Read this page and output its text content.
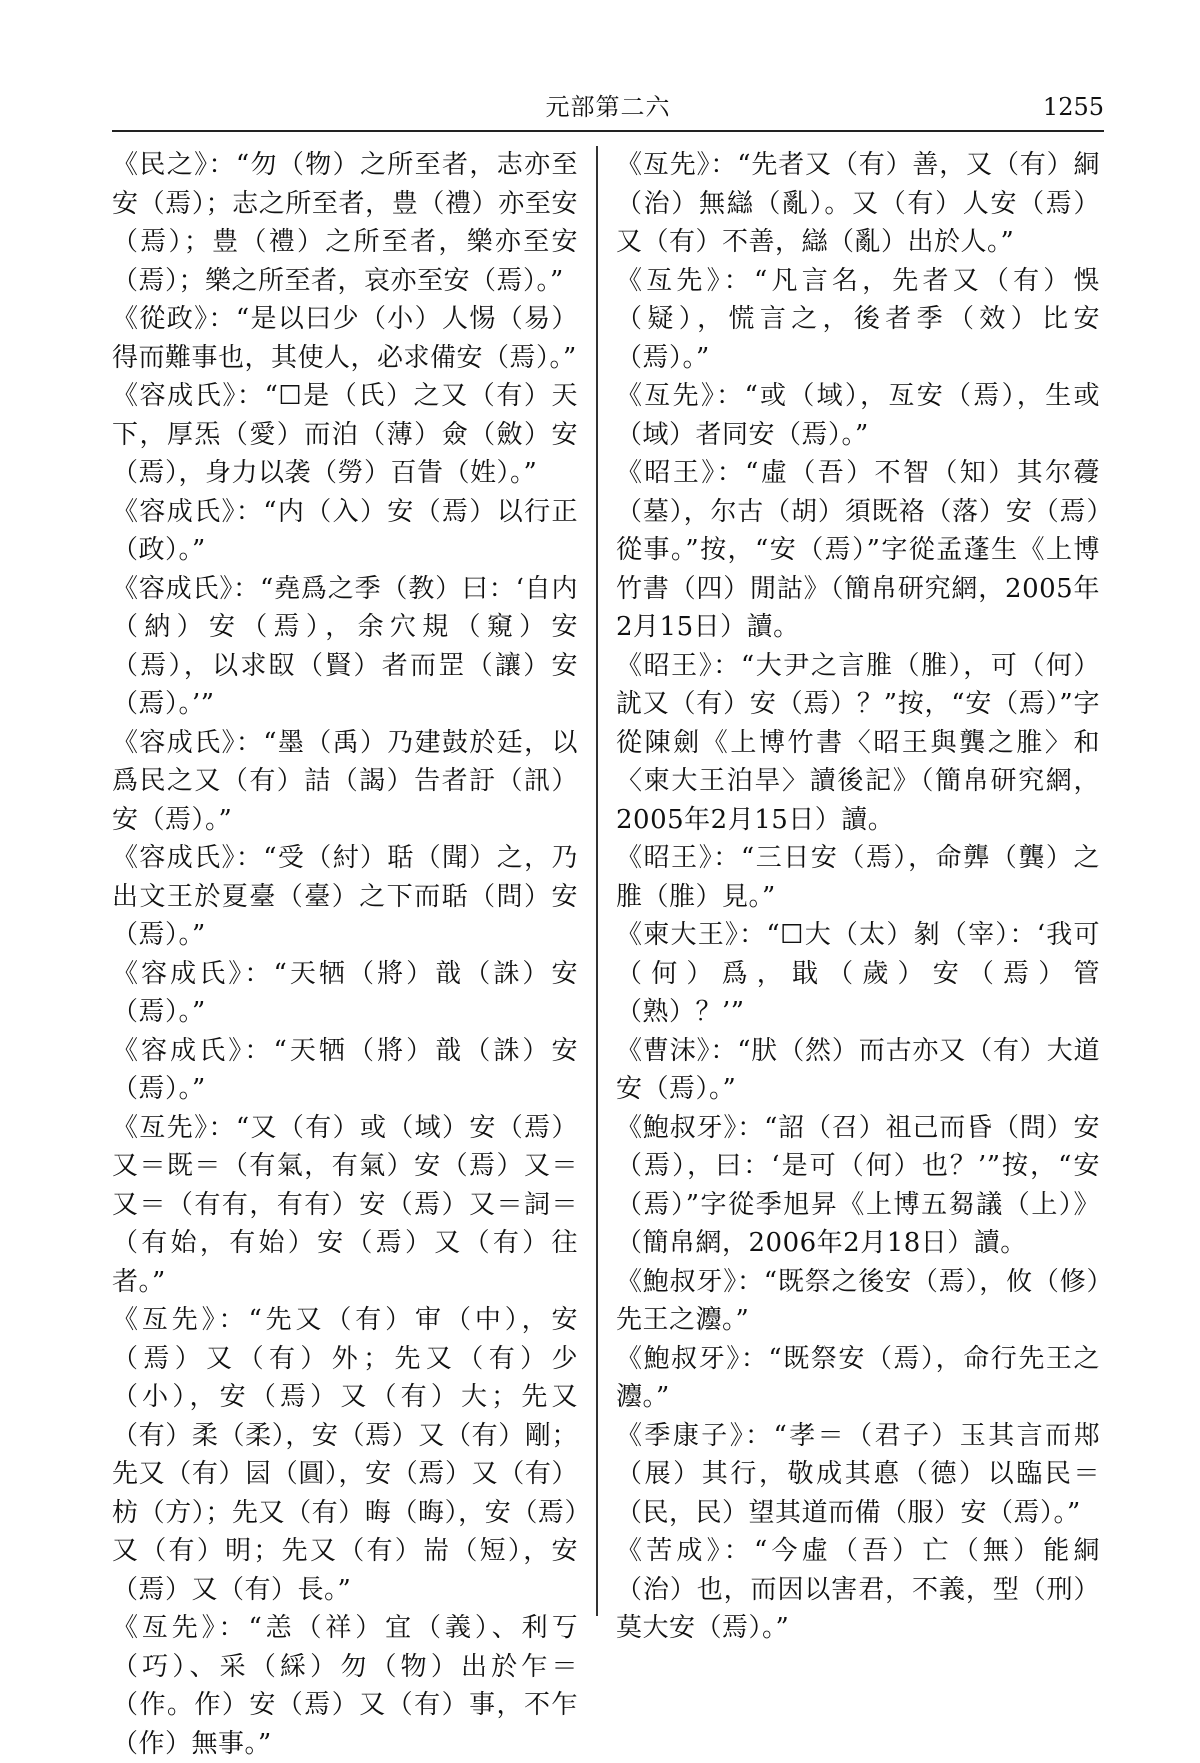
元部第二六	1255

《民之》：“勿（物）之所至者，志亦至安（焉）；志之所至者，豊（禮）亦至安（焉）；豊（禮）之所至者，樂亦至安（焉）；樂之所至者，哀亦至安（焉）。”

《從政》：“是以曰少（小）人惕（易）得而難事也，其使人，必求備安（焉）。”

《容成氏》：“☐是（氏）之又（有）天下，厚炁（愛）而泊（薄）僉（斂）安（焉），身力以袭（勞）百眚（姓）。”

《容成氏》：“内（入）安（焉）以行正（政）。”

《容成氏》：“堯爲之季（教）曰：‘自内（納）安（焉），余穴規（窺）安（焉），以求臤（賢）者而罡（讓）安（焉）。’”

《容成氏》：“墨（禹）乃建鼓於廷，以爲民之又（有）詰（謁）告者訏（訊）安（焉）。”

《容成氏》：“受（紂）聒（聞）之，乃出文王於夏臺（臺）之下而聒（問）安（焉）。”

《容成氏》：“天牺（將）戠（誅）安（焉）。”

《容成氏》：“天牺（將）戠（誅）安（焉）。”

《亙先》：“又（有）或（域）安（焉）又＝既＝（有氣，有氣）安（焉）又＝又＝（有有，有有）安（焉）又＝詞＝（有始，有始）安（焉）又（有）往者。”

《亙先》：“先又（有）审（中），安（焉）又（有）外；先又（有）少（小），安（焉）又（有）大；先又（有）柔（柔），安（焉）又（有）剛；先又（有）囩（圓），安（焉）又（有）枋（方）；先又（有）晦（晦），安（焉）又（有）明；先又（有）耑（短），安（焉）又（有）長。”

《亙先》：“恙（祥）宜（義）、利丂（巧）、采（綵）勿（物）出於乍＝（作。作）安（焉）又（有）事，不乍（作）無事。”

《亙先》：“先者又（有）善，又（有）絧（治）無䜌（亂）。又（有）人安（焉）又（有）不善，䜌（亂）出於人。”

《亙先》：“凡言名，先者又（有）悞（疑），慌言之，後者季（效）比安（焉）。”

《亙先》：“或（域），亙安（焉），生或（域）者同安（焉）。”

《昭王》：“虛（吾）不智（知）其尔蘉（墓），尔古（胡）須既袼（落）安（焉）從事。”按，“安（焉）”字從孟蓬生《上博竹書（四）閒詁》（簡帛研究網，2005年2月15日）讀。

《昭王》：“大尹之言脽（脽），可（何）訧又（有）安（焉）？”按，“安（焉）”字從陳劍《上博竹書〈昭王與龔之脽〉和〈柬大王泊旱〉讀後記》（簡帛研究網，2005年2月15日）讀。

《昭王》：“三日安（焉），命龏（龔）之脽（脽）見。”

《柬大王》：“☐大（太）剶（宰）：‘我可（何）爲，戢（歲）安（焉）管（熟）？’”

《曹沫》：“肰（然）而古亦又（有）大道安（焉）。”

《鮑叔牙》：“詔（召）祖己而昏（問）安（焉），曰：‘是可（何）也？’”按，“安（焉）”字從季旭昇《上博五芻議（上）》（簡帛網，2006年2月18日）讀。

《鮑叔牙》：“既祭之後安（焉），攸（修）先王之灋。”

《鮑叔牙》：“既祭安（焉），命行先王之灋。”

《季康子》：“孝＝（君子）玉其言而䢼（展）其行，敬成其悳（德）以臨民＝（民，民）望其道而備（服）安（焉）。”

《苦成》：“今虛（吾）亡（無）能絧（治）也，而因以害君，不義，型（刑）莫大安（焉）。”
